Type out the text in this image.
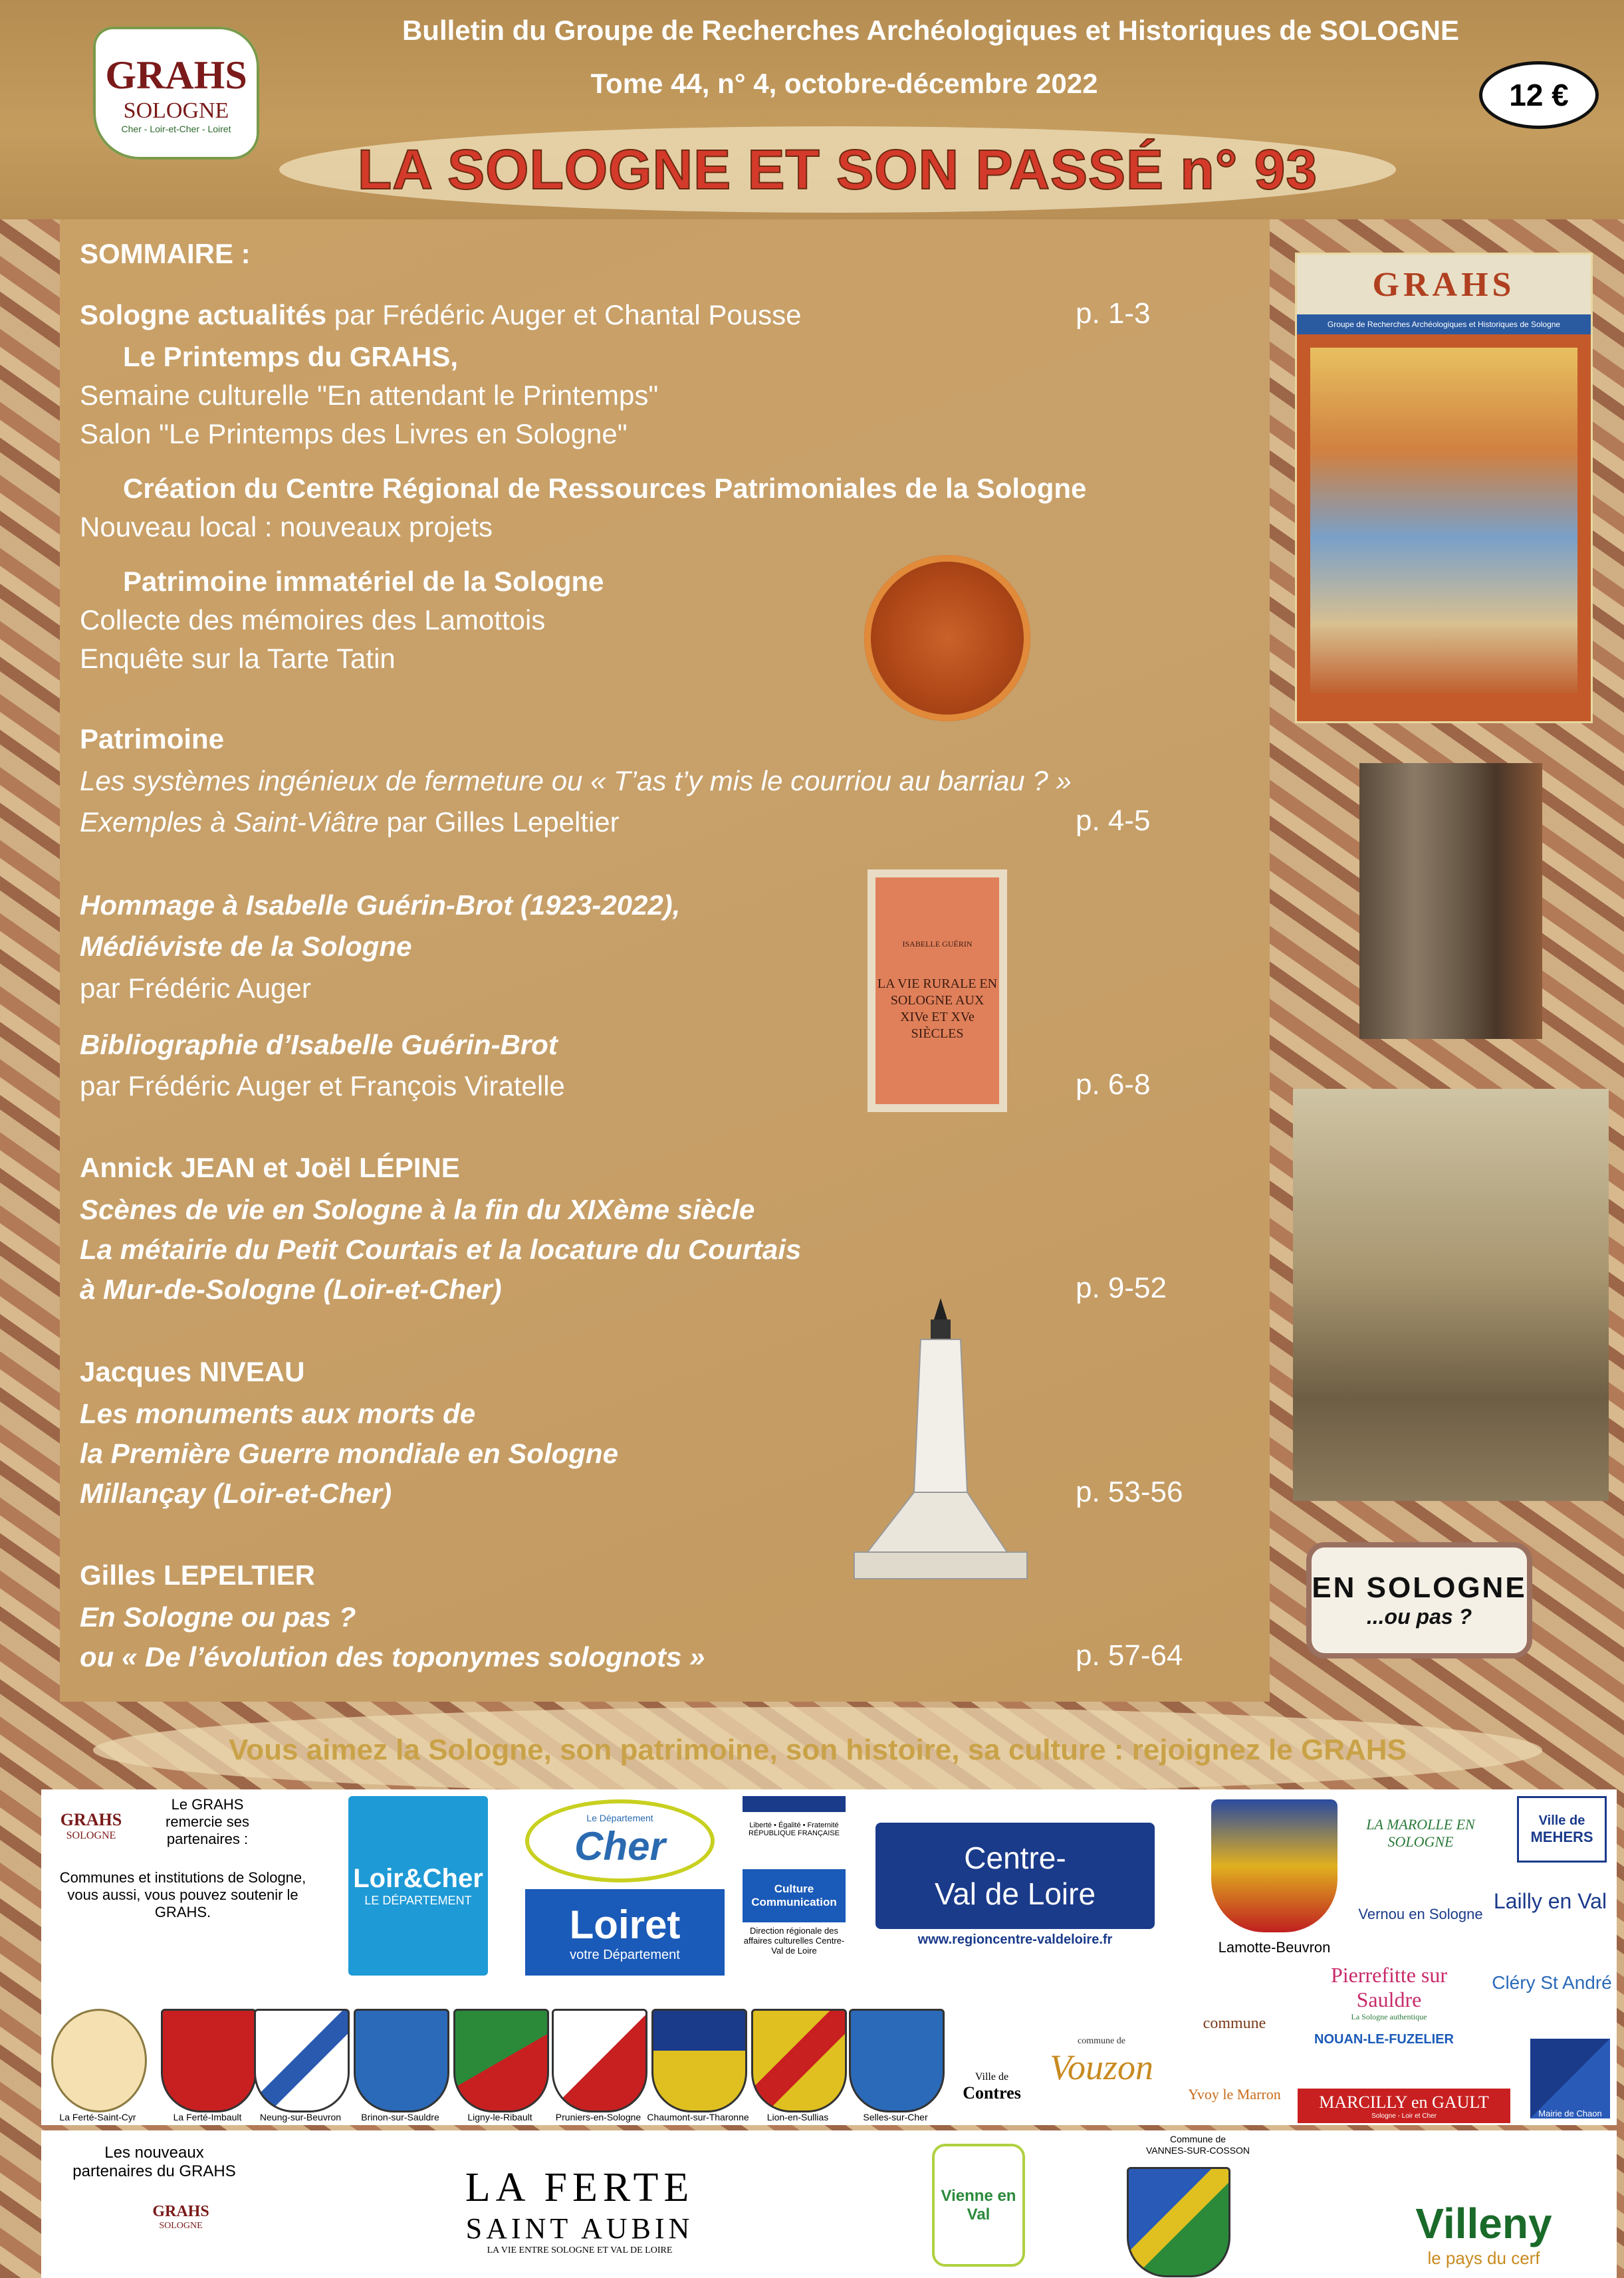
Bulletin du Groupe de Recherches Archéologiques et Historiques de SOLOGNE
Tome 44, n° 4, octobre-décembre 2022	12 €
GRAHS
SOLOGNE
Cher - Loir-et-Cher - Loiret
LA SOLOGNE ET SON PASSÉ n° 93
SOMMAIRE :
Sologne actualités par Frédéric Auger et Chantal Pousse	p. 1-3
Le Printemps du GRAHS,
Semaine culturelle "En attendant le Printemps"
Salon "Le Printemps des Livres en Sologne"
Création du Centre Régional de Ressources Patrimoniales de la Sologne
Nouveau local : nouveaux projets
Patrimoine immatériel de la Sologne
Collecte des mémoires des Lamottois
Enquête sur la Tarte Tatin
Patrimoine
Les systèmes ingénieux de fermeture ou « T’as t’y mis le courriou au barriau ? »
Exemples à Saint-Viâtre par Gilles Lepeltier	p. 4-5
Hommage à Isabelle Guérin-Brot (1923-2022),
Médiéviste de la Sologne
par Frédéric Auger
Bibliographie d’Isabelle Guérin-Brot
par Frédéric Auger et François Viratelle	p. 6-8
ISABELLE GUÉRIN
LA VIE RURALE EN SOLOGNE AUX XIVe ET XVe SIÈCLES
Annick JEAN et Joël LÉPINE
Scènes de vie en Sologne à la fin du XIXème siècle
La métairie du Petit Courtais et la locature du Courtais
à Mur-de-Sologne (Loir-et-Cher)	p. 9-52
Jacques NIVEAU
Les monuments aux morts de
la Première Guerre mondiale en Sologne
Millançay (Loir-et-Cher)	p. 53-56
Gilles LEPELTIER
En Sologne ou pas ?
ou « De l’évolution des toponymes solognots »	p. 57-64
GRAHS
Groupe de Recherches Archéologiques et Historiques de Sologne
EN SOLOGNE
...ou pas ?
Vous aimez la Sologne, son patrimoine, son histoire, sa culture : rejoignez le GRAHS
GRAHS
SOLOGNE
Le GRAHS remercie ses partenaires :
Communes et institutions de Sologne, vous aussi, vous pouvez soutenir le GRAHS.
Loir&Cher
LE DÉPARTEMENT
Le Département
Cher
Loiret
votre Département
Liberté • Égalité • Fraternité RÉPUBLIQUE FRANÇAISE
Culture Communication
Direction régionale des affaires culturelles Centre-Val de Loire
Centre-
Val de Loire
www.regioncentre-valdeloire.fr	Lamotte-Beuvron
LA MAROLLE EN SOLOGNE
Ville de
MEHERS
Vernou en Sologne
Lailly en Val
La Ferté-Saint-Cyr	La Ferté-Imbault	Neung-sur-Beuvron	Brinon-sur-Sauldre	Ligny-le-Ribault	Pruniers-en-Sologne Chaumont-sur-Tharonne	Lion-en-Sullias	Selles-sur-Cher
Ville de
Contres
commune de
Vouzon
commune
Yvoy le Marron
Pierrefitte sur Sauldre
La Sologne authentique
Cléry St André
NOUAN-LE-FUZELIER
MARCILLY en GAULT
Sologne - Loir et Cher	Mairie de Chaon
Les nouveaux partenaires du GRAHS
GRAHS
SOLOGNE
LA FERTE
SAINT AUBIN
LA VIE ENTRE SOLOGNE ET VAL DE LOIRE
Vienne en Val
Commune de
VANNES-SUR-COSSON
Villeny
le pays du cerf
